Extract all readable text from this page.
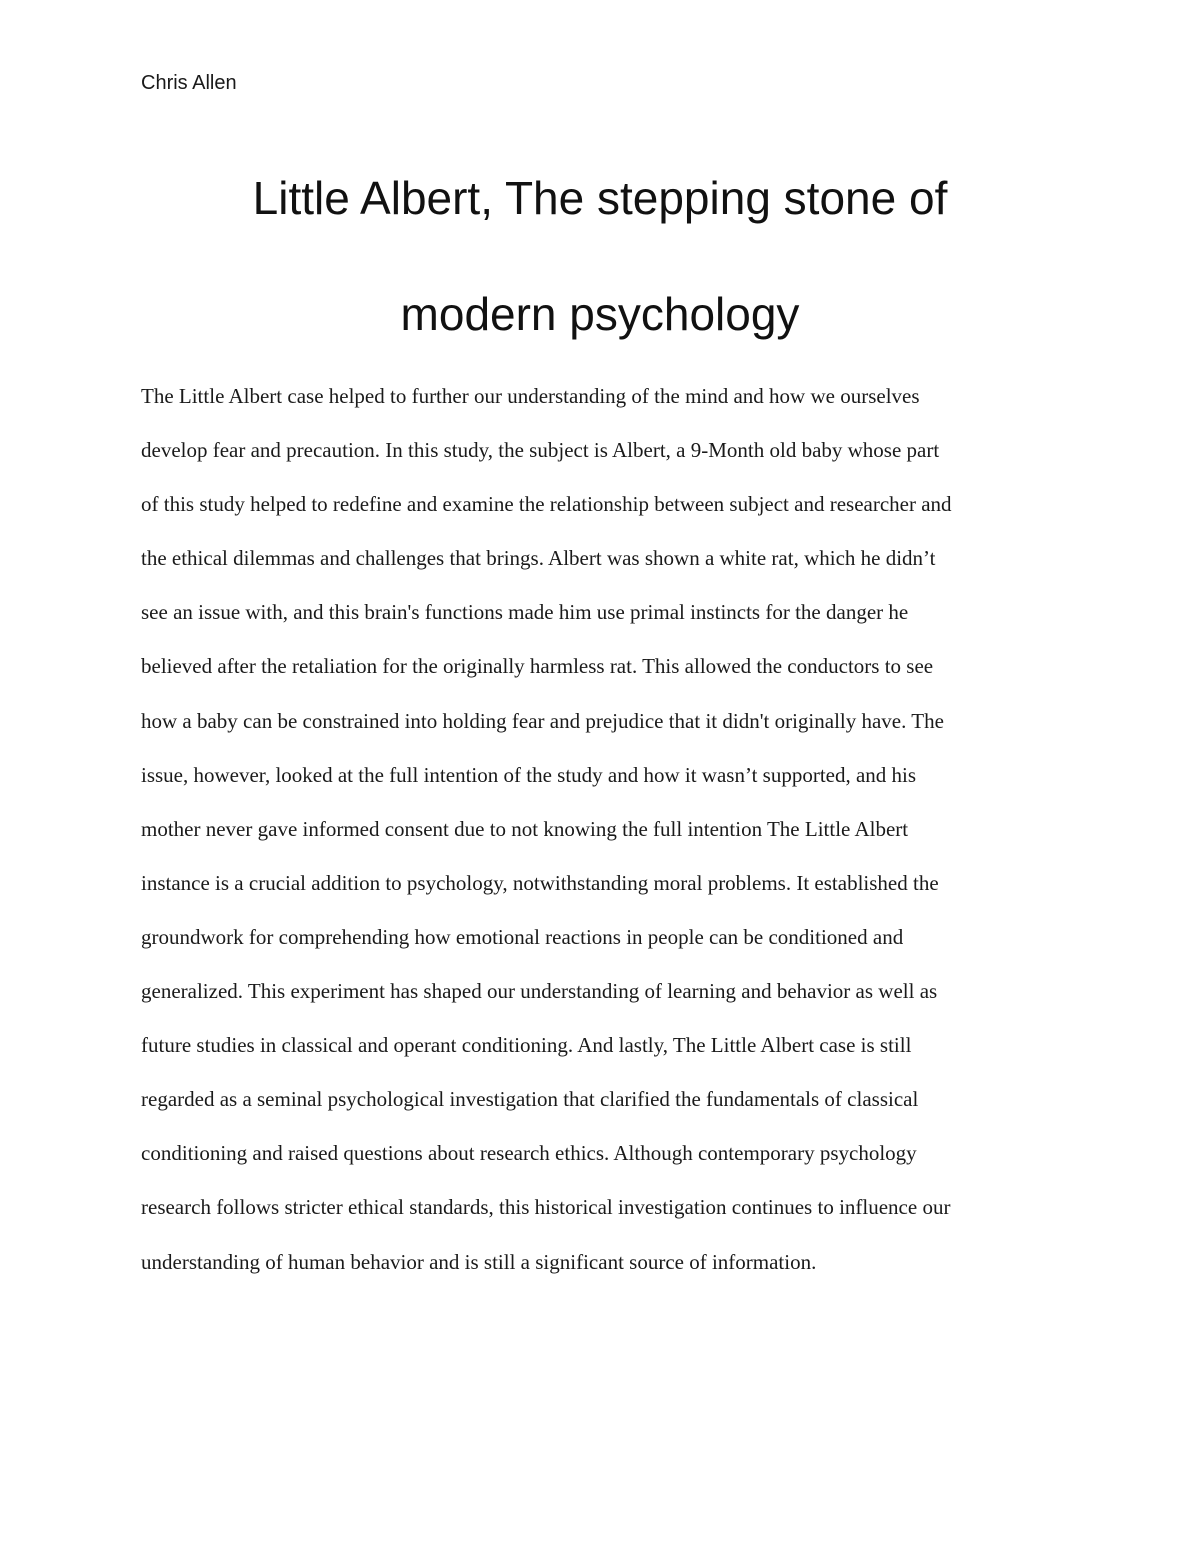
Chris Allen

Little Albert, The stepping stone of
modern psychology
The Little Albert case helped to further our understanding of the mind and how we ourselves
develop fear and precaution. In this study, the subject is Albert, a 9-Month old baby whose part
of this study helped to redefine and examine the relationship between subject and researcher and
the ethical dilemmas and challenges that brings. Albert was shown a white rat, which he didn’t
see an issue with, and this brain's functions made him use primal instincts for the danger he
believed after the retaliation for the originally harmless rat. This allowed the conductors to see
how a baby can be constrained into holding fear and prejudice that it didn't originally have. The
issue, however, looked at the full intention of the study and how it wasn’t supported, and his
mother never gave informed consent due to not knowing the full intention The Little Albert
instance is a crucial addition to psychology, notwithstanding moral problems. It established the
groundwork for comprehending how emotional reactions in people can be conditioned and
generalized. This experiment has shaped our understanding of learning and behavior as well as
future studies in classical and operant conditioning. And lastly, The Little Albert case is still
regarded as a seminal psychological investigation that clarified the fundamentals of classical
conditioning and raised questions about research ethics. Although contemporary psychology
research follows stricter ethical standards, this historical investigation continues to influence our
understanding of human behavior and is still a significant source of information.
